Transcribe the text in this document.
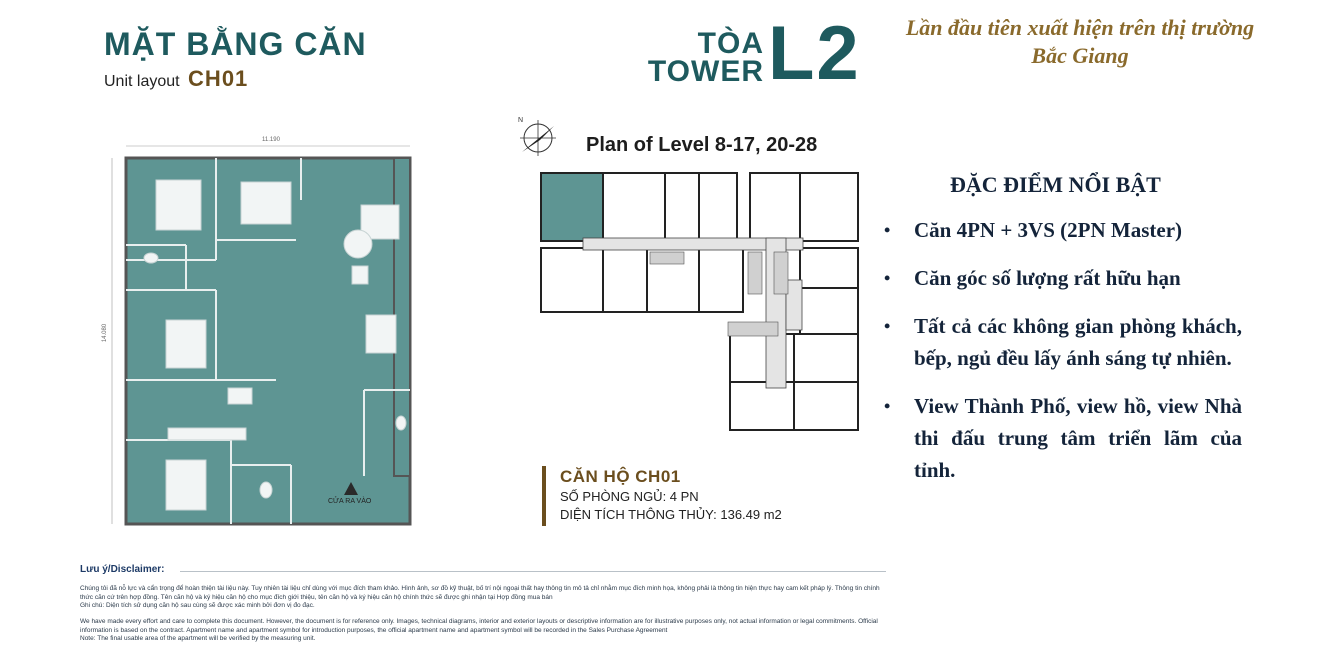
MẶT BẰNG CĂN
Unit layout CH01
TÒA
TOWER L2 Lần đầu tiên xuất hiện trên thị trường Bắc Giang
11.190
14.080
CỬA RA VÀO
N
Plan of Level 8-17, 20-28
CĂN HỘ CH01
SỐ PHÒNG NGỦ: 4 PN
DIỆN TÍCH THÔNG THỦY: 136.49 m2
ĐẶC ĐIỂM NỔI BẬT
• Căn 4PN + 3VS (2PN Master)
• Căn góc số lượng rất hữu hạn
• Tất cả các không gian phòng khách, bếp, ngủ đều lấy ánh sáng tự nhiên.
• View Thành Phố, view hồ, view Nhà thi đấu trung tâm triển lãm của tỉnh.
Lưu ý/Disclaimer:
Chúng tôi đã nỗ lực và cẩn trọng để hoàn thiện tài liệu này. Tuy nhiên tài liệu chỉ dùng với mục đích tham khảo. Hình ảnh, sơ đồ kỹ thuật, bố trí nội ngoại thất hay thông tin mô tả chỉ nhằm mục đích minh họa, không phải là thông tin hiện thực hay cam kết pháp lý. Thông tin chính thức căn cứ trên hợp đồng. Tên căn hộ và ký hiệu căn hộ cho mục đích giới thiệu, tên căn hộ và ký hiệu căn hộ chính thức sẽ được ghi nhận tại Hợp đồng mua bán
Ghi chú: Diện tích sử dụng căn hộ sau cùng sẽ được xác minh bởi đơn vị đo đạc.
We have made every effort and care to complete this document. However, the document is for reference only. Images, technical diagrams, interior and exterior layouts or descriptive information are for illustrative purposes only, not actual information or legal commitments. Official information is based on the contract. Apartment name and apartment symbol for introduction purposes, the official apartment name and apartment symbol will be recorded in the Sales Purchase Agreement
Note: The final usable area of the apartment will be verified by the measuring unit.
